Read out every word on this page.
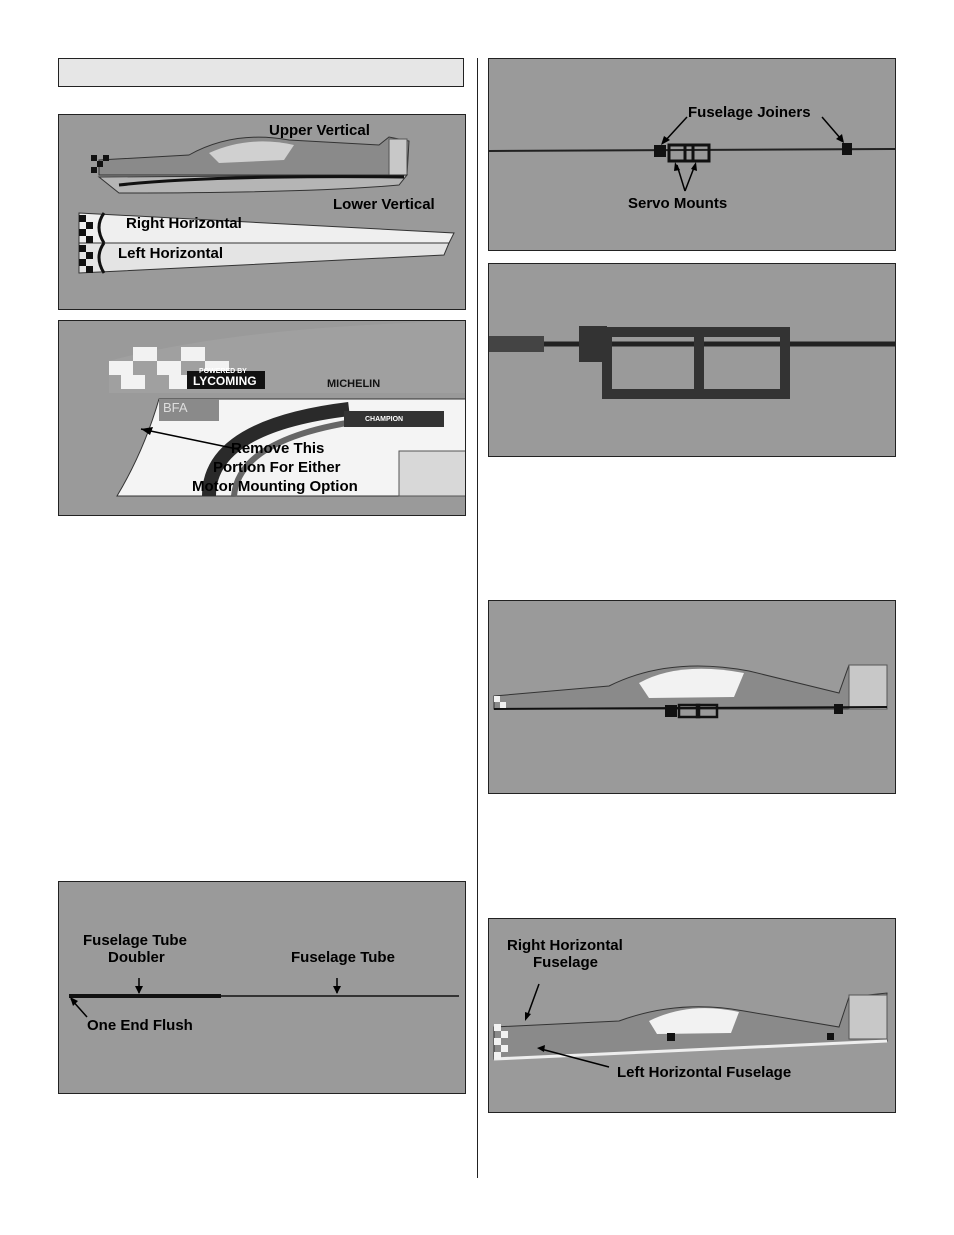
Upper Vertical
Lower Vertical
Right Horizontal
Left Horizontal
POWERED BY
LYCOMING	MICHELIN
BFA
CHAMPION
Remove This
Portion For Either
Motor Mounting Option
Fuselage Tube
Doubler	Fuselage Tube
One End Flush
Fuselage Joiners
Servo Mounts
Right Horizontal
Fuselage
Left Horizontal Fuselage
